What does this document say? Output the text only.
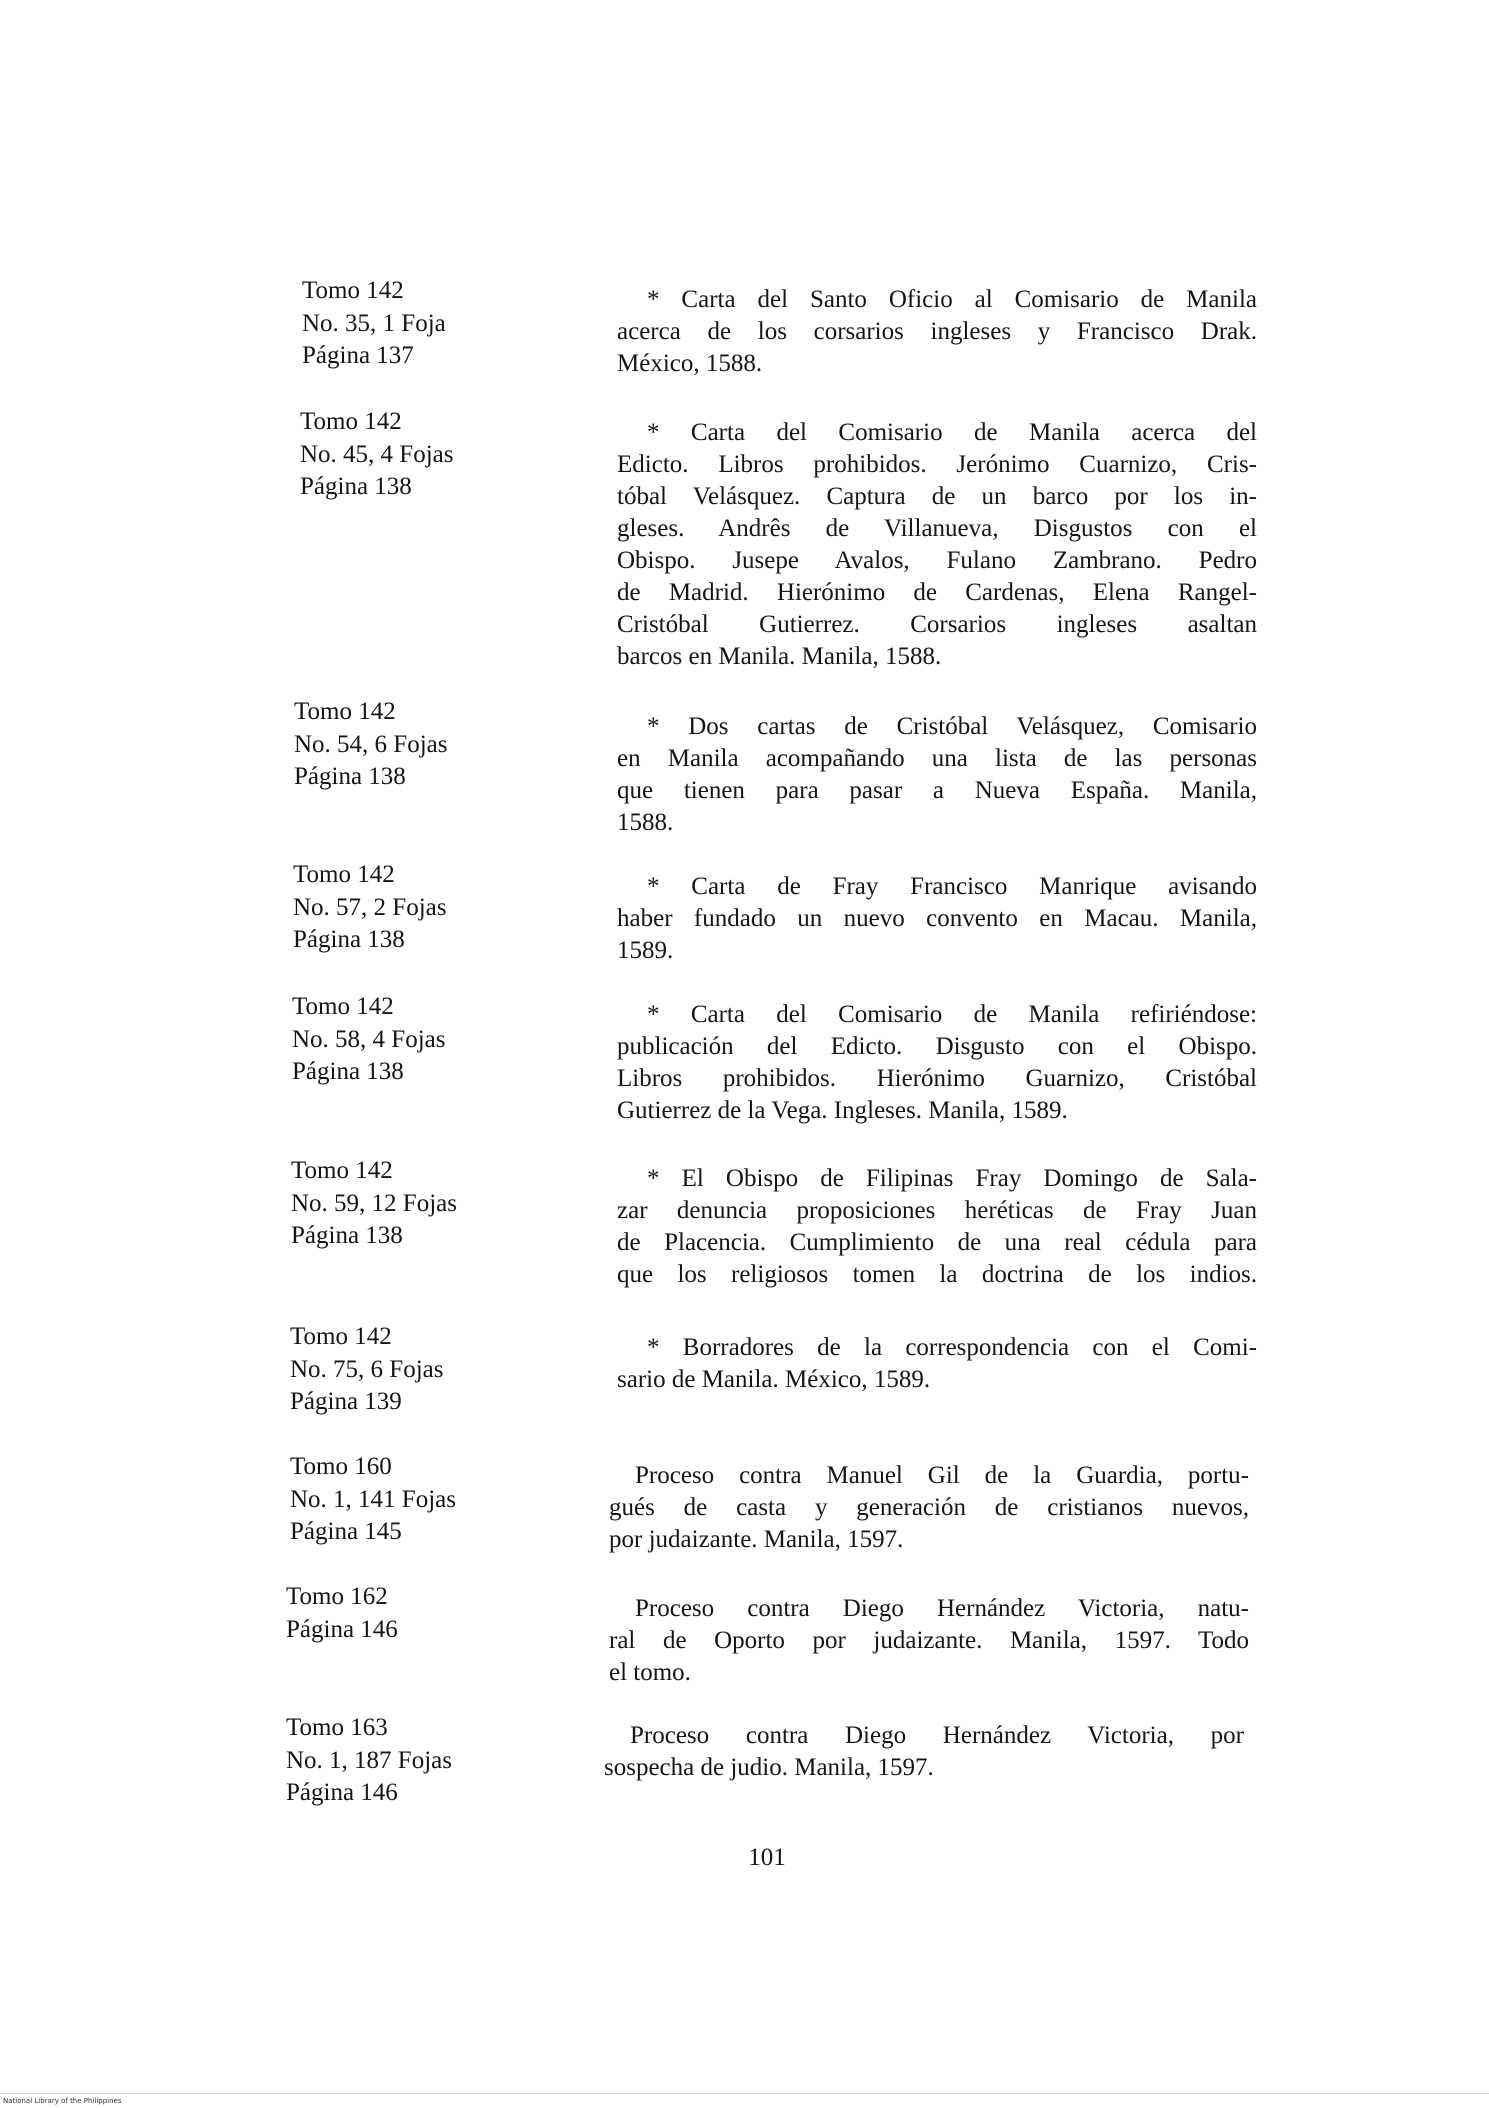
Tomo 142
No. 35, 1 Foja
Página 137
* Carta del Santo Oficio al Comisario de Manila
acerca de los corsarios ingleses y Francisco Drak.
México, 1588.
Tomo 142
No. 45, 4 Fojas
Página 138
* Carta del Comisario de Manila acerca del
Edicto. Libros prohibidos. Jerónimo Cuarnizo, Cris-
tóbal Velásquez. Captura de un barco por los in-
gleses. Andrês de Villanueva, Disgustos con el
Obispo. Jusepe Avalos, Fulano Zambrano. Pedro
de Madrid. Hierónimo de Cardenas, Elena Rangel-
Cristóbal Gutierrez. Corsarios ingleses asaltan
barcos en Manila. Manila, 1588.
Tomo 142
No. 54, 6 Fojas
Página 138
* Dos cartas de Cristóbal Velásquez, Comisario
en Manila acompañando una lista de las personas
que tienen para pasar a Nueva España. Manila,
1588.
Tomo 142
No. 57, 2 Fojas
Página 138
* Carta de Fray Francisco Manrique avisando
haber fundado un nuevo convento en Macau. Manila,
1589.
Tomo 142
No. 58, 4 Fojas
Página 138
* Carta del Comisario de Manila refiriéndose:
publicación del Edicto. Disgusto con el Obispo.
Libros prohibidos. Hierónimo Guarnizo, Cristóbal
Gutierrez de la Vega. Ingleses. Manila, 1589.
Tomo 142
No. 59, 12 Fojas
Página 138
* El Obispo de Filipinas Fray Domingo de Sala-
zar denuncia proposiciones heréticas de Fray Juan
de Placencia. Cumplimiento de una real cédula para
que los religiosos tomen la doctrina de los indios.
Tomo 142
No. 75, 6 Fojas
Página 139
* Borradores de la correspondencia con el Comi-
sario de Manila. México, 1589.
Tomo 160
No. 1, 141 Fojas
Página 145
Proceso contra Manuel Gil de la Guardia, portu-
gués de casta y generación de cristianos nuevos,
por judaizante. Manila, 1597.
Tomo 162
Página 146
Proceso contra Diego Hernández Victoria, natu-
ral de Oporto por judaizante. Manila, 1597. Todo
el tomo.
Tomo 163
No. 1, 187 Fojas
Página 146
Proceso contra Diego Hernández Victoria, por
sospecha de judio. Manila, 1597.
101
National Library of the Philippines
